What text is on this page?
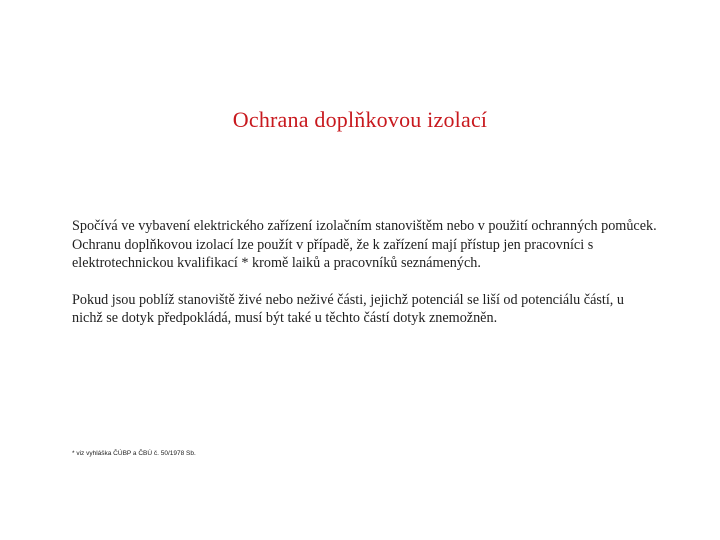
Ochrana doplňkovou izolací

Spočívá ve vybavení elektrického zařízení izolačním stanovištěm nebo v použití ochranných pomůcek.

Ochranu doplňkovou izolací lze použít v případě, že k zařízení mají přístup jen pracovníci s elektrotechnickou kvalifikací * kromě laiků a pracovníků seznámených.

Pokud jsou poblíž stanoviště živé nebo neživé části, jejichž potenciál se liší od potenciálu částí, u nichž se dotyk předpokládá, musí být také u těchto částí dotyk znemožněn.

* viz vyhláška ČÚBP a ČBÚ č. 50/1978 Sb.
